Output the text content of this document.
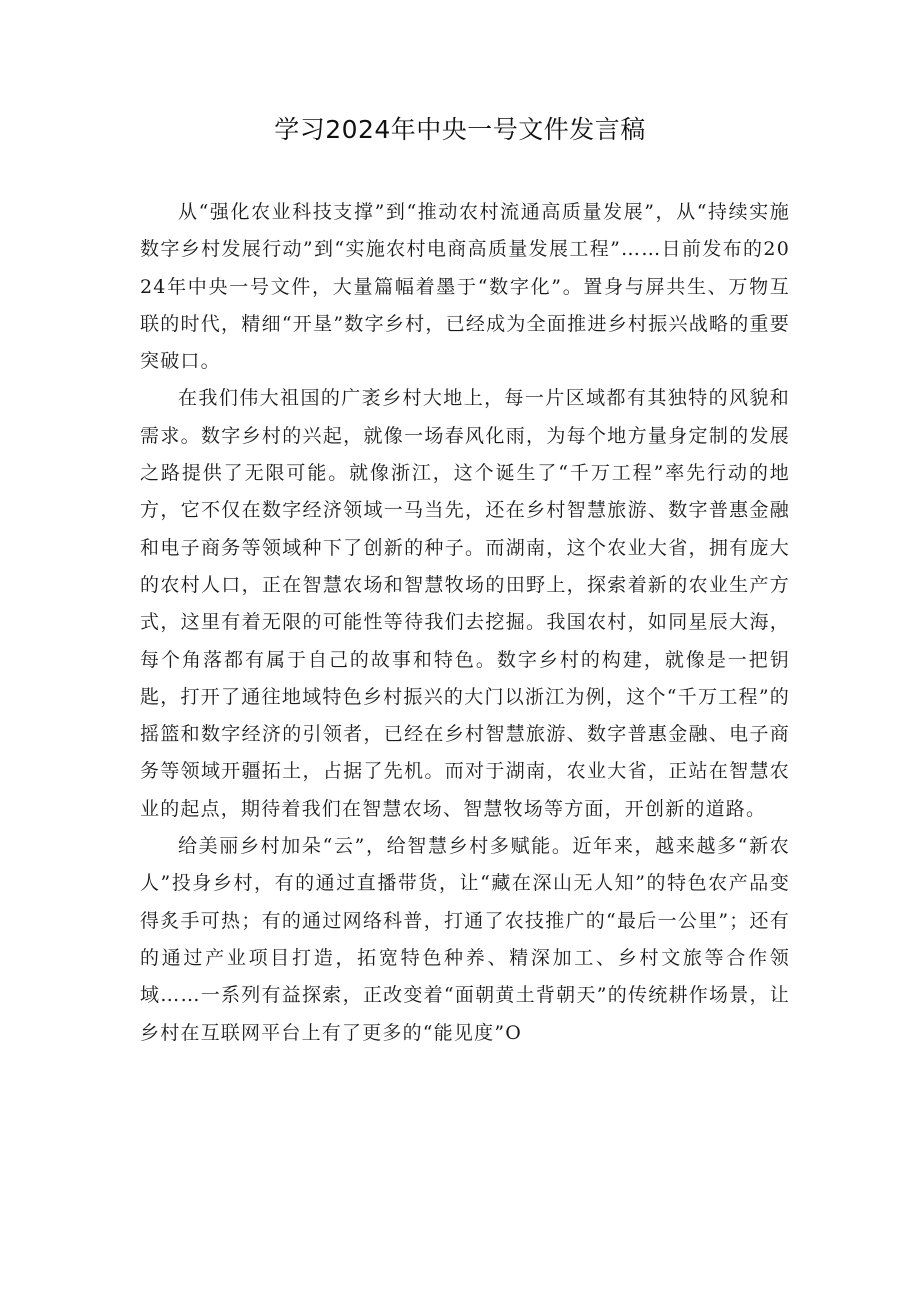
学习2024年中央一号文件发言稿

从“强化农业科技支撑”到“推动农村流通高质量发展”，从“持续实施数字乡村发展行动”到“实施农村电商高质量发展工程”……日前发布的2024年中央一号文件，大量篇幅着墨于“数字化”。置身与屏共生、万物互联的时代，精细“开垦”数字乡村，已经成为全面推进乡村振兴战略的重要突破口。

在我们伟大祖国的广袤乡村大地上，每一片区域都有其独特的风貌和需求。数字乡村的兴起，就像一场春风化雨，为每个地方量身定制的发展之路提供了无限可能。就像浙江，这个诞生了“千万工程”率先行动的地方，它不仅在数字经济领域一马当先，还在乡村智慧旅游、数字普惠金融和电子商务等领域种下了创新的种子。而湖南，这个农业大省，拥有庞大的农村人口，正在智慧农场和智慧牧场的田野上，探索着新的农业生产方式，这里有着无限的可能性等待我们去挖掘。我国农村，如同星辰大海，每个角落都有属于自己的故事和特色。数字乡村的构建，就像是一把钥匙，打开了通往地域特色乡村振兴的大门以浙江为例，这个“千万工程”的摇篮和数字经济的引领者，已经在乡村智慧旅游、数字普惠金融、电子商务等领域开疆拓土，占据了先机。而对于湖南，农业大省，正站在智慧农业的起点，期待着我们在智慧农场、智慧牧场等方面，开创新的道路。

给美丽乡村加朵“云”，给智慧乡村多赋能。近年来，越来越多“新农人”投身乡村，有的通过直播带货，让“藏在深山无人知”的特色农产品变得炙手可热；有的通过网络科普，打通了农技推广的“最后一公里”；还有的通过产业项目打造，拓宽特色种养、精深加工、乡村文旅等合作领域……一系列有益探索，正改变着“面朝黄土背朝天”的传统耕作场景，让乡村在互联网平台上有了更多的“能见度”O
